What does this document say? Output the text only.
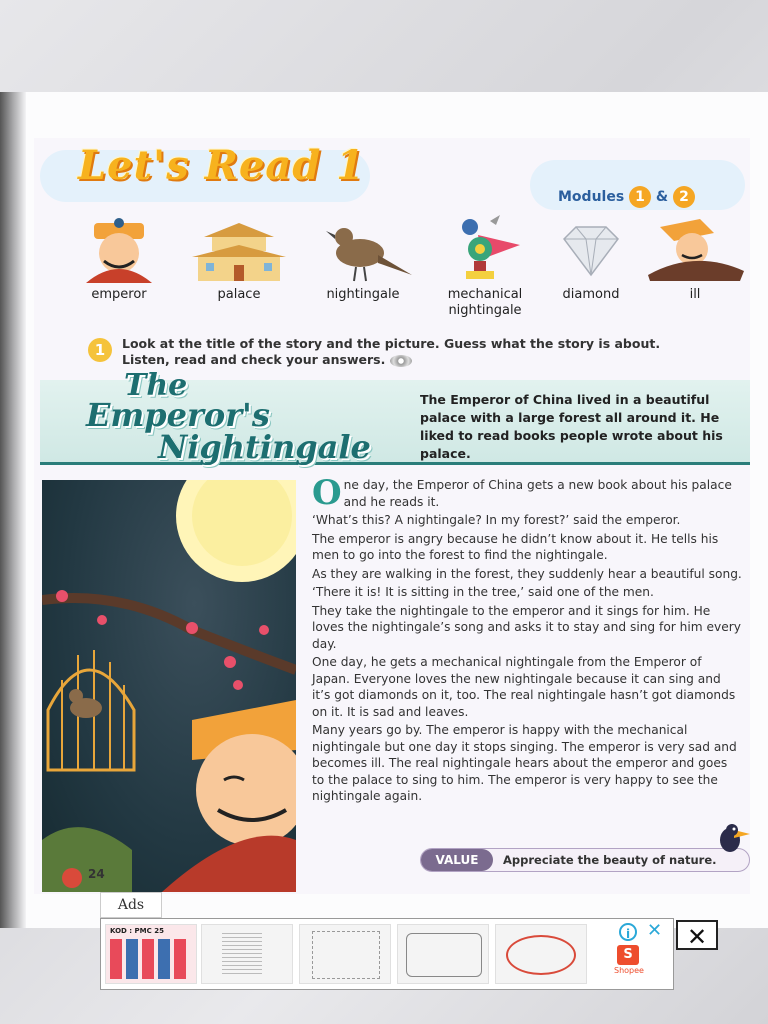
Let's Read 1
Modules 1 & 2
emperor	palace	nightingale	mechanical nightingale
diamond	ill
1	Look at the title of the story and the picture. Guess what the story is about. Listen, read and check your answers.
The
Emperor's
Nightingale
The Emperor of China lived in a beautiful palace with a large forest all around it. He liked to read books people wrote about his palace.
24

O ne day, the Emperor of China gets a new book about his palace and he reads it.

‘What’s this? A nightingale? In my forest?’ said the emperor.

The emperor is angry because he didn’t know about it. He tells his men to go into the forest to find the nightingale.

As they are walking in the forest, they suddenly hear a beautiful song.

‘There it is! It is sitting in the tree,’ said one of the men.

They take the nightingale to the emperor and it sings for him. He loves the nightingale’s song and asks it to stay and sing for him every day.

One day, he gets a mechanical nightingale from the Emperor of Japan. Everyone loves the new nightingale because it can sing and it’s got diamonds on it, too. The real nightingale hasn’t got diamonds on it. It is sad and leaves.

Many years go by. The emperor is happy with the mechanical nightingale but one day it stops singing. The emperor is very sad and becomes ill. The real nightingale hears about the emperor and goes to the palace to sing to him. The emperor is very happy to see the nightingale again.

VALUE	Appreciate the beauty of nature.
Ads
KOD : PMC 25	i ✕
S
Shopee
✕
